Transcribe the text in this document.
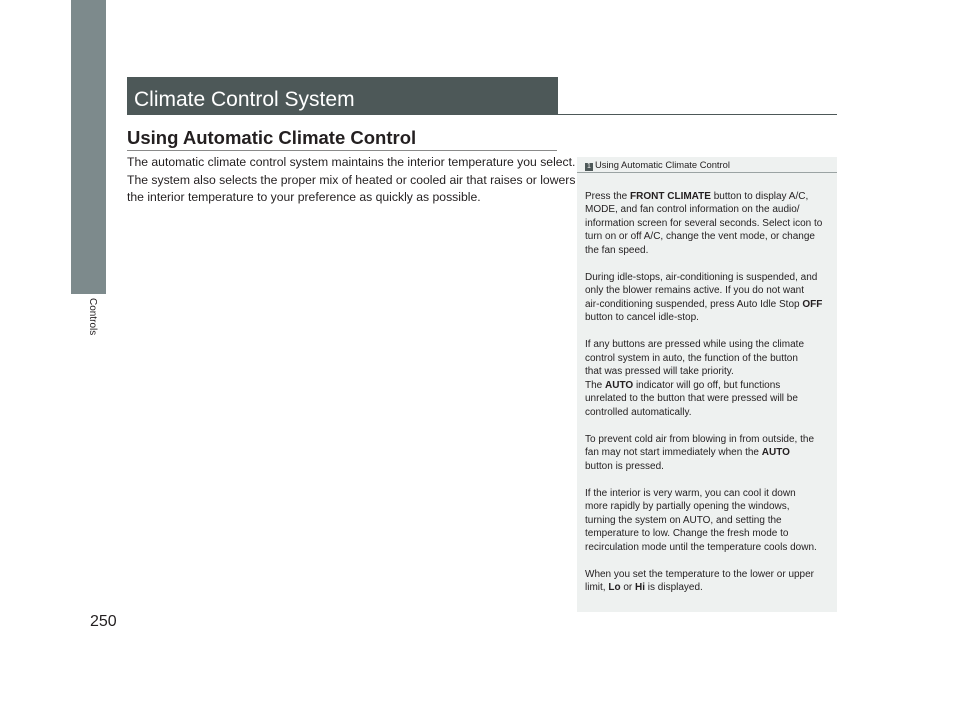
Controls
250
Climate Control System
Using Automatic Climate Control
The automatic climate control system maintains the interior temperature you select.
The system also selects the proper mix of heated or cooled air that raises or lowers
the interior temperature to your preference as quickly as possible.
1 Using Automatic Climate Control

Press the FRONT CLIMATE button to display A/C,
MODE, and fan control information on the audio/
information screen for several seconds. Select icon to
turn on or off A/C, change the vent mode, or change
the fan speed.

During idle-stops, air-conditioning is suspended, and
only the blower remains active. If you do not want
air-conditioning suspended, press Auto Idle Stop OFF
button to cancel idle-stop.

If any buttons are pressed while using the climate
control system in auto, the function of the button
that was pressed will take priority.
The AUTO indicator will go off, but functions
unrelated to the button that were pressed will be
controlled automatically.

To prevent cold air from blowing in from outside, the
fan may not start immediately when the AUTO
button is pressed.

If the interior is very warm, you can cool it down
more rapidly by partially opening the windows,
turning the system on AUTO, and setting the
temperature to low. Change the fresh mode to
recirculation mode until the temperature cools down.

When you set the temperature to the lower or upper
limit, Lo or Hi is displayed.
